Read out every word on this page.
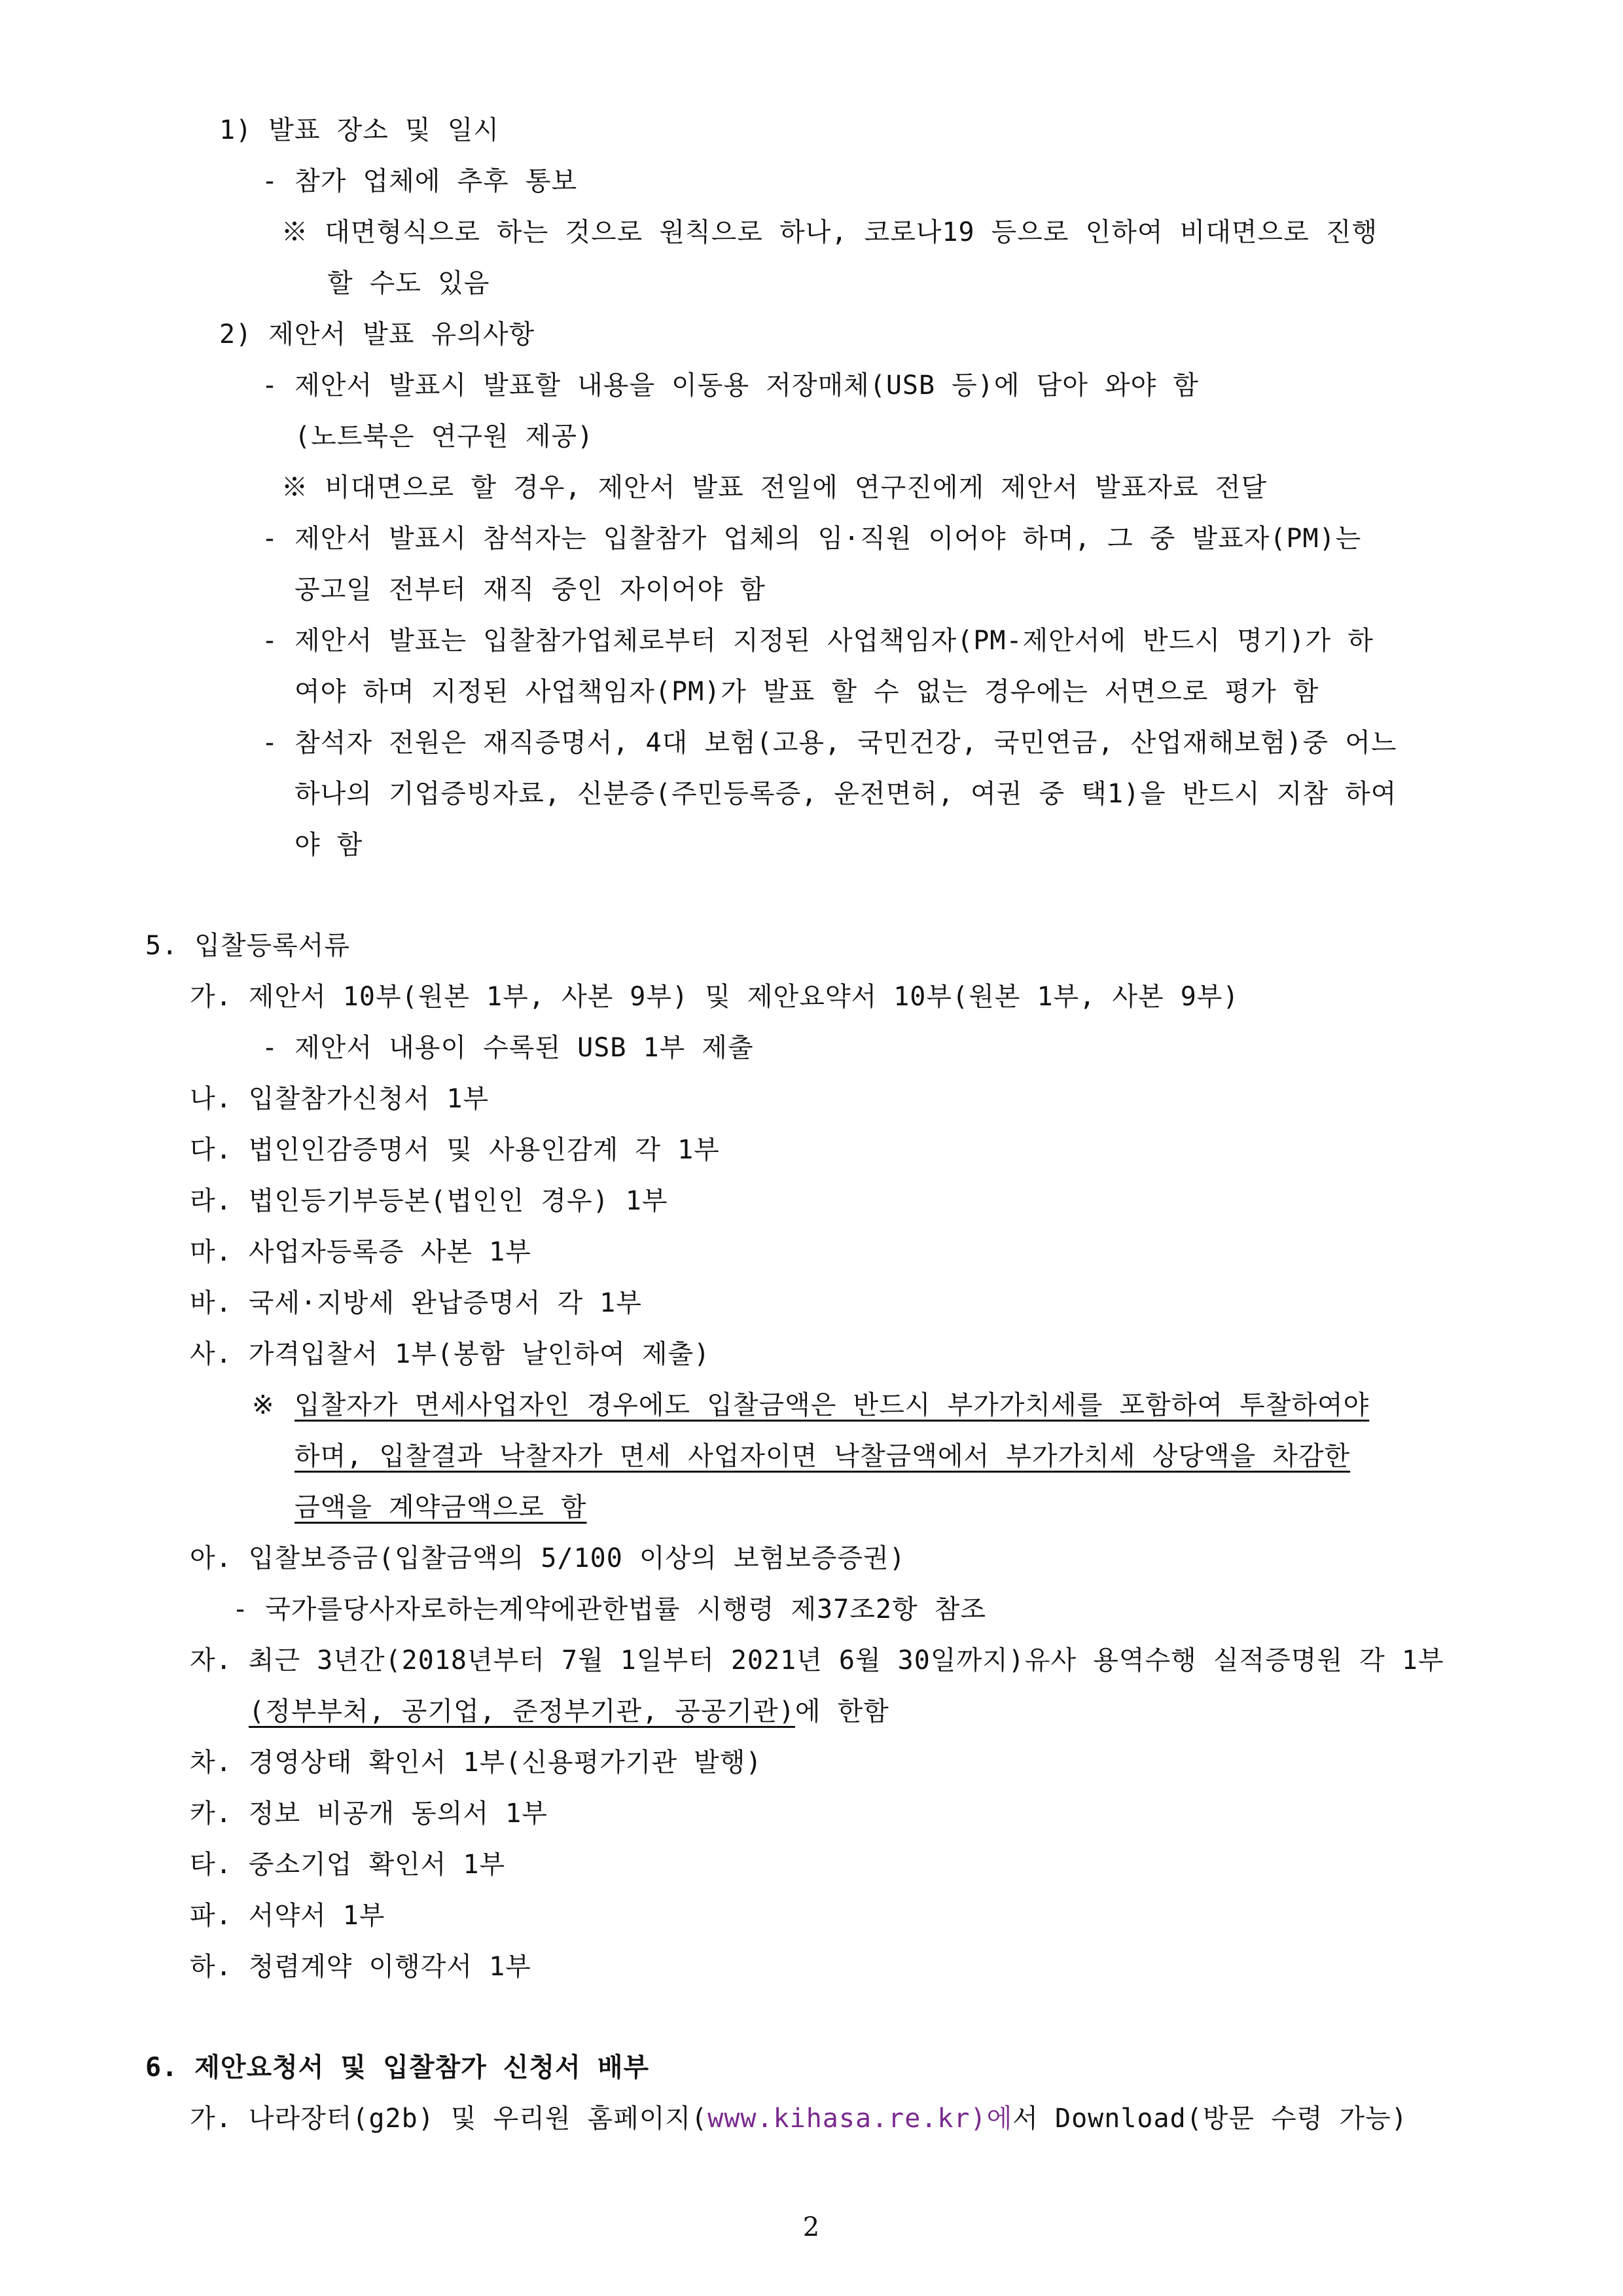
1) 발표 장소 및 일시
- 참가 업체에 추후 통보
※ 대면형식으로 하는 것으로 원칙으로 하나, 코로나19 등으로 인하여 비대면으로 진행
할 수도 있음
2) 제안서 발표 유의사항
- 제안서 발표시 발표할 내용을 이동용 저장매체(USB 등)에 담아 와야 함
(노트북은 연구원 제공)
※ 비대면으로 할 경우, 제안서 발표 전일에 연구진에게 제안서 발표자료 전달
- 제안서 발표시 참석자는 입찰참가 업체의 임·직원 이어야 하며, 그 중 발표자(PM)는
공고일 전부터 재직 중인 자이어야 함
- 제안서 발표는 입찰참가업체로부터 지정된 사업책임자(PM-제안서에 반드시 명기)가 하
여야 하며 지정된 사업책임자(PM)가 발표 할 수 없는 경우에는 서면으로 평가 함
- 참석자 전원은 재직증명서, 4대 보험(고용, 국민건강, 국민연금, 산업재해보험)중 어느
하나의 기업증빙자료, 신분증(주민등록증, 운전면허, 여권 중 택1)을 반드시 지참 하여
야 함
5. 입찰등록서류
가. 제안서 10부(원본 1부, 사본 9부) 및 제안요약서 10부(원본 1부, 사본 9부)
- 제안서 내용이 수록된 USB 1부 제출
나. 입찰참가신청서 1부
다. 법인인감증명서 및 사용인감계 각 1부
라. 법인등기부등본(법인인 경우) 1부
마. 사업자등록증 사본 1부
바. 국세·지방세 완납증명서 각 1부
사. 가격입찰서 1부(봉함 날인하여 제출)
※ 입찰자가 면세사업자인 경우에도 입찰금액은 반드시 부가가치세를 포함하여 투찰하여야
하며, 입찰결과 낙찰자가 면세 사업자이면 낙찰금액에서 부가가치세 상당액을 차감한
금액을 계약금액으로 함
아. 입찰보증금(입찰금액의 5/100 이상의 보험보증증권)
- 국가를당사자로하는계약에관한법률 시행령 제37조2항 참조
자. 최근 3년간(2018년부터 7월 1일부터 2021년 6월 30일까지)유사 용역수행 실적증명원 각 1부
(정부부처, 공기업, 준정부기관, 공공기관)에 한함
차. 경영상태 확인서 1부(신용평가기관 발행)
카. 정보 비공개 동의서 1부
타. 중소기업 확인서 1부
파. 서약서 1부
하. 청렴계약 이행각서 1부
6. 제안요청서 및 입찰참가 신청서 배부
가. 나라장터(g2b) 및 우리원 홈페이지(www.kihasa.re.kr)에서 Download(방문 수령 가능)
2
